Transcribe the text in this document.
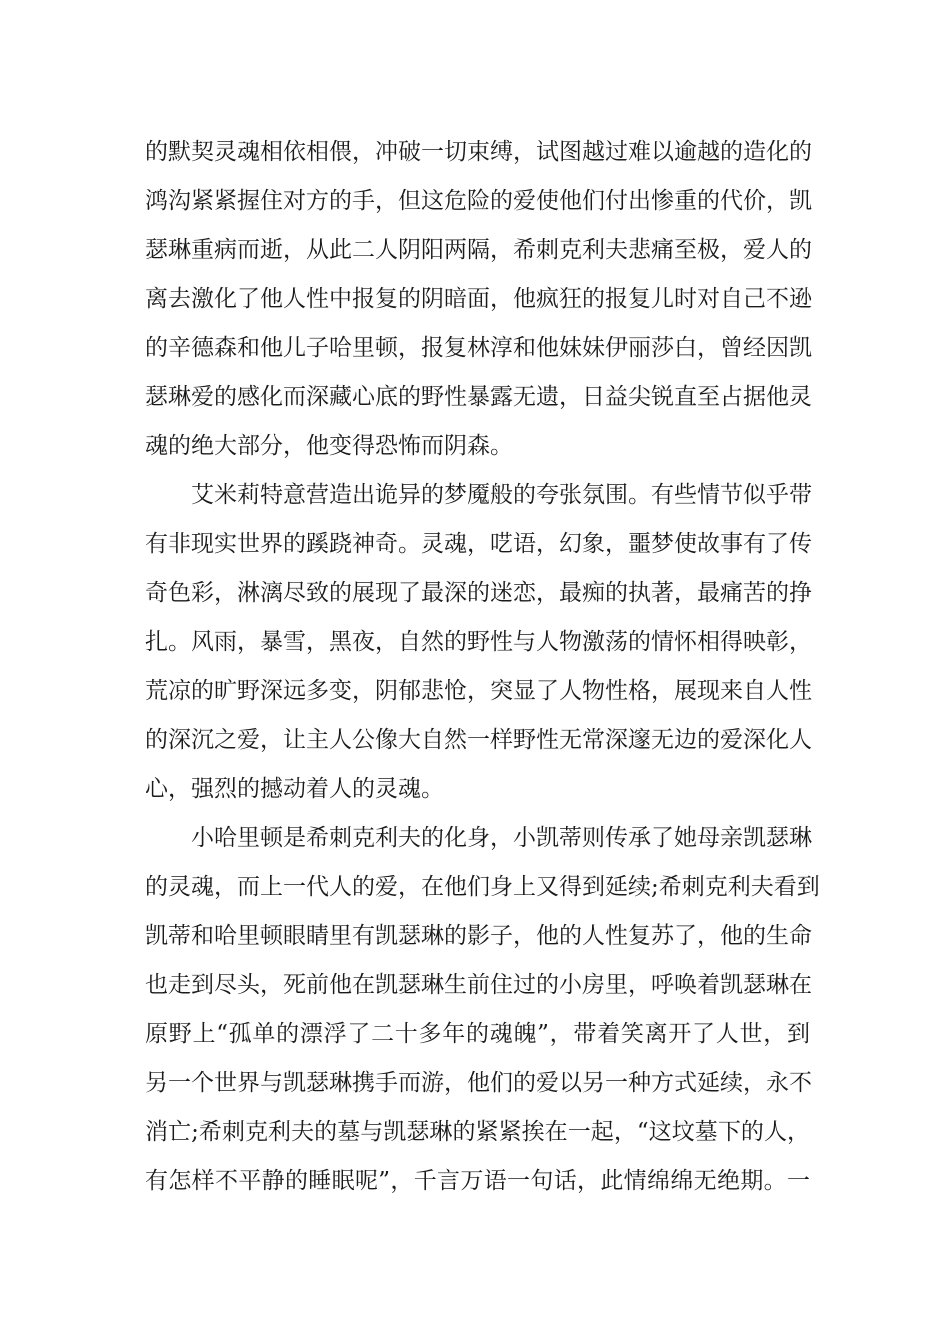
的默契灵魂相依相偎，冲破一切束缚，试图越过难以逾越的造化的
鸿沟紧紧握住对方的手，但这危险的爱使他们付出惨重的代价，凯
瑟琳重病而逝，从此二人阴阳两隔，希刺克利夫悲痛至极，爱人的
离去激化了他人性中报复的阴暗面，他疯狂的报复儿时对自己不逊
的辛德森和他儿子哈里顿，报复林淳和他妹妹伊丽莎白，曾经因凯
瑟琳爱的感化而深藏心底的野性暴露无遗，日益尖锐直至占据他灵
魂的绝大部分，他变得恐怖而阴森。
艾米莉特意营造出诡异的梦魇般的夸张氛围。有些情节似乎带
有非现实世界的蹊跷神奇。灵魂，呓语，幻象，噩梦使故事有了传
奇色彩，淋漓尽致的展现了最深的迷恋，最痴的执著，最痛苦的挣
扎。风雨，暴雪，黑夜，自然的野性与人物激荡的情怀相得映彰，
荒凉的旷野深远多变，阴郁悲怆，突显了人物性格，展现来自人性
的深沉之爱，让主人公像大自然一样野性无常深邃无边的爱深化人
心，强烈的撼动着人的灵魂。
小哈里顿是希刺克利夫的化身，小凯蒂则传承了她母亲凯瑟琳
的灵魂，而上一代人的爱，在他们身上又得到延续;希刺克利夫看到
凯蒂和哈里顿眼睛里有凯瑟琳的影子，他的人性复苏了，他的生命
也走到尽头，死前他在凯瑟琳生前住过的小房里，呼唤着凯瑟琳在
原野上“孤单的漂浮了二十多年的魂魄”，带着笑离开了人世，到
另一个世界与凯瑟琳携手而游，他们的爱以另一种方式延续，永不
消亡;希刺克利夫的墓与凯瑟琳的紧紧挨在一起，“这坟墓下的人，
有怎样不平静的睡眠呢”，千言万语一句话，此情绵绵无绝期。一
